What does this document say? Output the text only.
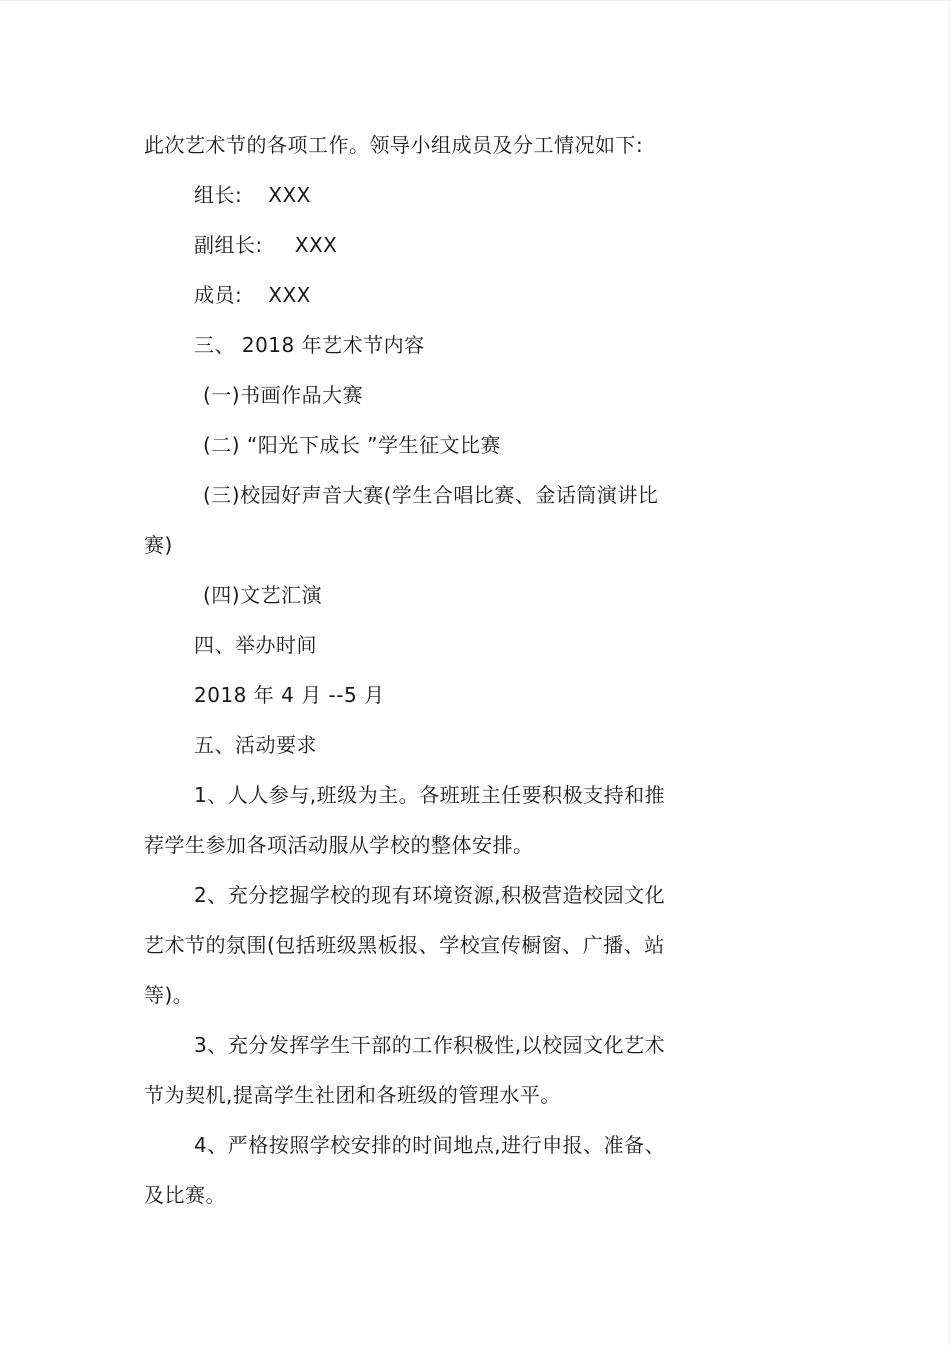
此次艺术节的各项工作。领导小组成员及分工情况如下:
组长: XXX
副组长: XXX
成员: XXX
三、 2018 年艺术节内容
(一)书画作品大赛
(二) “阳光下成长 ”学生征文比赛
(三)校园好声音大赛(学生合唱比赛、金话筒演讲比
赛)
(四)文艺汇演
四、举办时间
2018 年 4 月 --5 月
五、活动要求
1、人人参与,班级为主。各班班主任要积极支持和推
荐学生参加各项活动服从学校的整体安排。
2、充分挖掘学校的现有环境资源,积极营造校园文化
艺术节的氛围(包括班级黑板报、学校宣传橱窗、广播、站
等)。
3、充分发挥学生干部的工作积极性,以校园文化艺术
节为契机,提高学生社团和各班级的管理水平。
4、严格按照学校安排的时间地点,进行申报、准备、
及比赛。
